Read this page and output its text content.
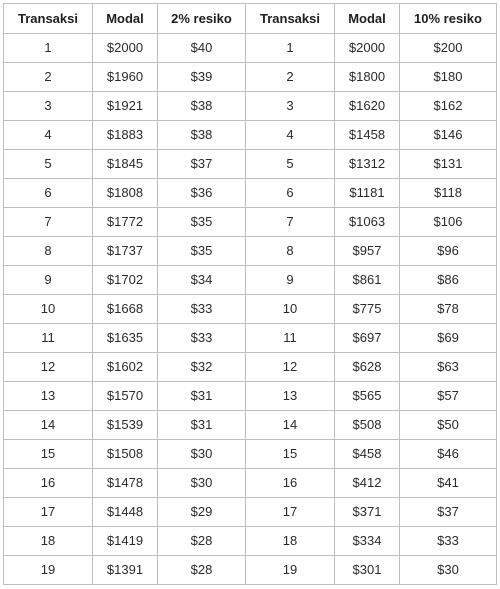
Transaksi	Modal	2% resiko	Transaksi	Modal	10% resiko
1	$2000	$40	1	$2000	$200
2	$1960	$39	2	$1800	$180
3	$1921	$38	3	$1620	$162
4	$1883	$38	4	$1458	$146
5	$1845	$37	5	$1312	$131
6	$1808	$36	6	$1181	$118
7	$1772	$35	7	$1063	$106
8	$1737	$35	8	$957	$96
9	$1702	$34	9	$861	$86
10	$1668	$33	10	$775	$78
11	$1635	$33	11	$697	$69
12	$1602	$32	12	$628	$63
13	$1570	$31	13	$565	$57
14	$1539	$31	14	$508	$50
15	$1508	$30	15	$458	$46
16	$1478	$30	16	$412	$41
17	$1448	$29	17	$371	$37
18	$1419	$28	18	$334	$33
19	$1391	$28	19	$301	$30
